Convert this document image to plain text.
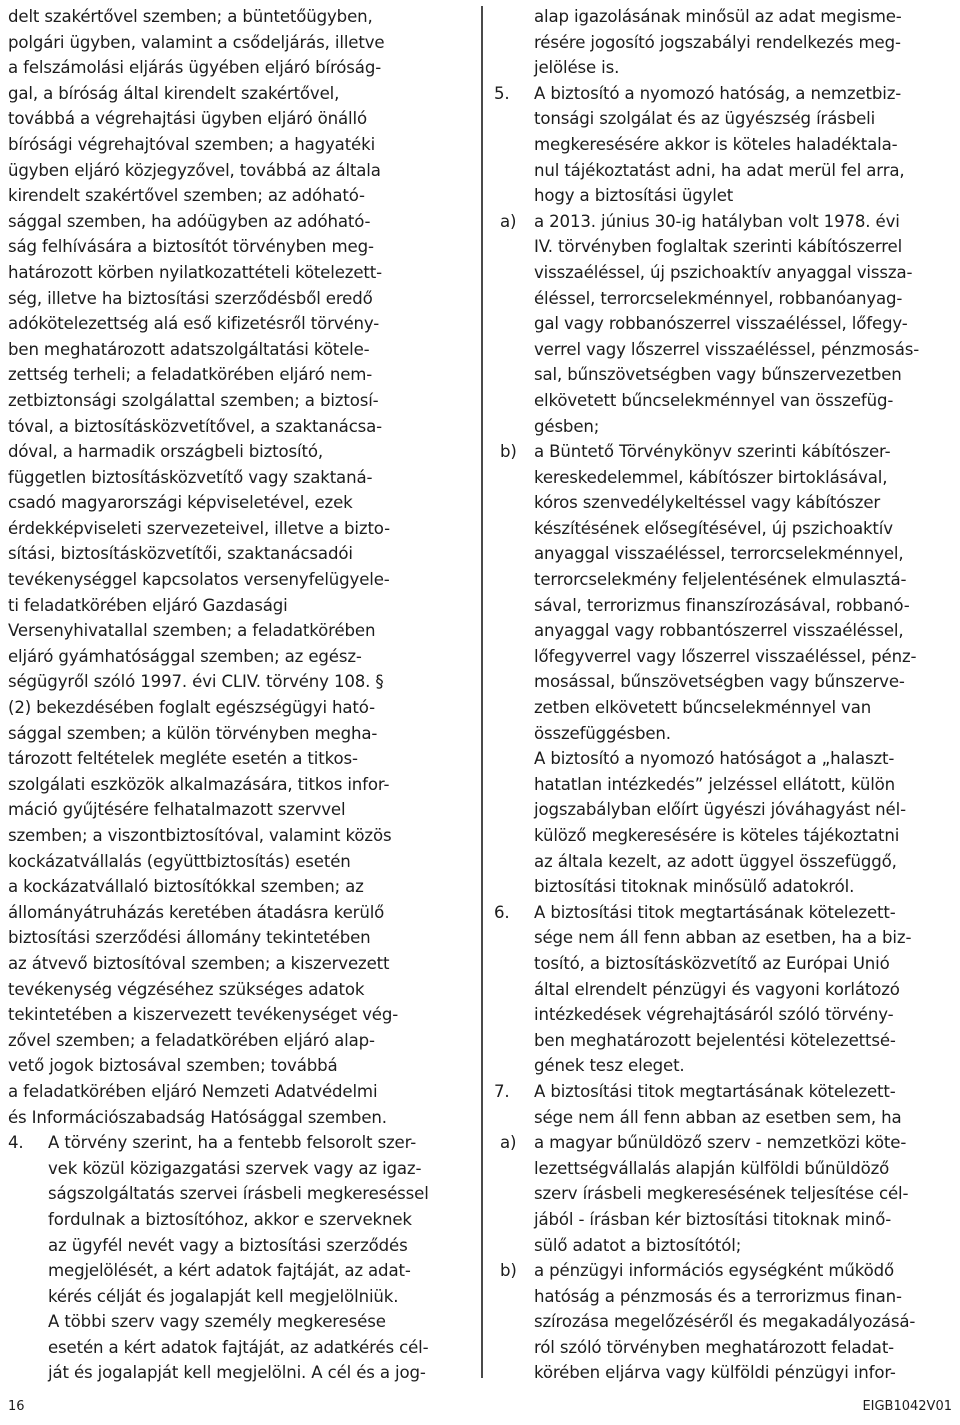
delt szakértővel szemben; a büntetőügyben,
polgári ügyben, valamint a csődeljárás, illetve
a felszámolási eljárás ügyében eljáró bíróság-
gal, a bíróság által kirendelt szakértővel,
továbbá a végrehajtási ügyben eljáró önálló
bírósági végrehajtóval szemben; a hagyatéki
ügyben eljáró közjegyzővel, továbbá az általa
kirendelt szakértővel szemben; az adóható-
sággal szemben, ha adóügyben az adóható-
ság felhívására a biztosítót törvényben meg-
határozott körben nyilatkozattételi kötelezett-
ség, illetve ha biztosítási szerződésből eredő
adókötelezettség alá eső kifizetésről törvény-
ben meghatározott adatszolgáltatási kötele-
zettség terheli; a feladatkörében eljáró nem-
zetbiztonsági szolgálattal szemben; a biztosí-
tóval, a biztosításközvetítővel, a szaktanácsa-
dóval, a harmadik országbeli biztosító,
független biztosításközvetítő vagy szaktaná-
csadó magyarországi képviseletével, ezek
érdekképviseleti szervezeteivel, illetve a bizto-
sítási, biztosításközvetítői, szaktanácsadói
tevékenységgel kapcsolatos versenyfelügyele-
ti feladatkörében eljáró Gazdasági
Versenyhivatallal szemben; a feladatkörében
eljáró gyámhatósággal szemben; az egész-
ségügyről szóló 1997. évi CLIV. törvény 108. §
(2) bekezdésében foglalt egészségügyi ható-
sággal szemben; a külön törvényben megha-
tározott feltételek megléte esetén a titkos-
szolgálati eszközök alkalmazására, titkos infor-
máció gyűjtésére felhatalmazott szervvel
szemben; a viszontbiztosítóval, valamint közös
kockázatvállalás (együttbiztosítás) esetén
a kockázatvállaló biztosítókkal szemben; az
állományátruházás keretében átadásra kerülő
biztosítási szerződési állomány tekintetében
az átvevő biztosítóval szemben; a kiszervezett
tevékenység végzéséhez szükséges adatok
tekintetében a kiszervezett tevékenységet vég-
zővel szemben; a feladatkörében eljáró alap-
vető jogok biztosával szemben; továbbá
a feladatkörében eljáró Nemzeti Adatvédelmi
és Információszabadság Hatósággal szemben.
4. A törvény szerint, ha a fentebb felsorolt szer-
vek közül közigazgatási szervek vagy az igaz-
ságszolgáltatás szervei írásbeli megkereséssel
fordulnak a biztosítóhoz, akkor e szerveknek
az ügyfél nevét vagy a biztosítási szerződés
megjelölését, a kért adatok fajtáját, az adat-
kérés célját és jogalapját kell megjelölniük.
A többi szerv vagy személy megkeresése
esetén a kért adatok fajtáját, az adatkérés cél-
ját és jogalapját kell megjelölni. A cél és a jog-
alap igazolásának minősül az adat megisme-
résére jogosító jogszabályi rendelkezés meg-
jelölése is.
5. A biztosító a nyomozó hatóság, a nemzetbiz-
tonsági szolgálat és az ügyészség írásbeli
megkeresésére akkor is köteles haladéktala-
nul tájékoztatást adni, ha adat merül fel arra,
hogy a biztosítási ügylet
a) a 2013. június 30-ig hatályban volt 1978. évi
IV. törvényben foglaltak szerinti kábítószerrel
visszaéléssel, új pszichoaktív anyaggal vissza-
éléssel, terrorcselekménnyel, robbanóanyag-
gal vagy robbanószerrel visszaéléssel, lőfegy-
verrel vagy lőszerrel visszaéléssel, pénzmosás-
sal, bűnszövetségben vagy bűnszervezetben
elkövetett bűncselekménnyel van összefüg-
gésben;
b) a Büntető Törvénykönyv szerinti kábítószer-
kereskedelemmel, kábítószer birtoklásával,
kóros szenvedélykeltéssel vagy kábítószer
készítésének elősegítésével, új pszichoaktív
anyaggal visszaéléssel, terrorcselekménnyel,
terrorcselekmény feljelentésének elmulasztá-
sával, terrorizmus finanszírozásával, robbanó-
anyaggal vagy robbantószerrel visszaéléssel,
lőfegyverrel vagy lőszerrel visszaéléssel, pénz-
mosással, bűnszövetségben vagy bűnszerve-
zetben elkövetett bűncselekménnyel van
összefüggésben.
A biztosító a nyomozó hatóságot a „halaszt-
hatatlan intézkedés” jelzéssel ellátott, külön
jogszabályban előírt ügyészi jóváhagyást nél-
külöző megkeresésére is köteles tájékoztatni
az általa kezelt, az adott üggyel összefüggő,
biztosítási titoknak minősülő adatokról.
6. A biztosítási titok megtartásának kötelezett-
sége nem áll fenn abban az esetben, ha a biz-
tosító, a biztosításközvetítő az Európai Unió
által elrendelt pénzügyi és vagyoni korlátozó
intézkedések végrehajtásáról szóló törvény-
ben meghatározott bejelentési kötelezettsé-
gének tesz eleget.
7. A biztosítási titok megtartásának kötelezett-
sége nem áll fenn abban az esetben sem, ha
a) a magyar bűnüldöző szerv - nemzetközi köte-
lezettségvállalás alapján külföldi bűnüldöző
szerv írásbeli megkeresésének teljesítése cél-
jából - írásban kér biztosítási titoknak minő-
sülő adatot a biztosítótól;
b) a pénzügyi információs egységként működő
hatóság a pénzmosás és a terrorizmus finan-
szírozása megelőzéséről és megakadályozásá-
ról szóló törvényben meghatározott feladat-
körében eljárva vagy külföldi pénzügyi infor-
16	EIGB1042V01
